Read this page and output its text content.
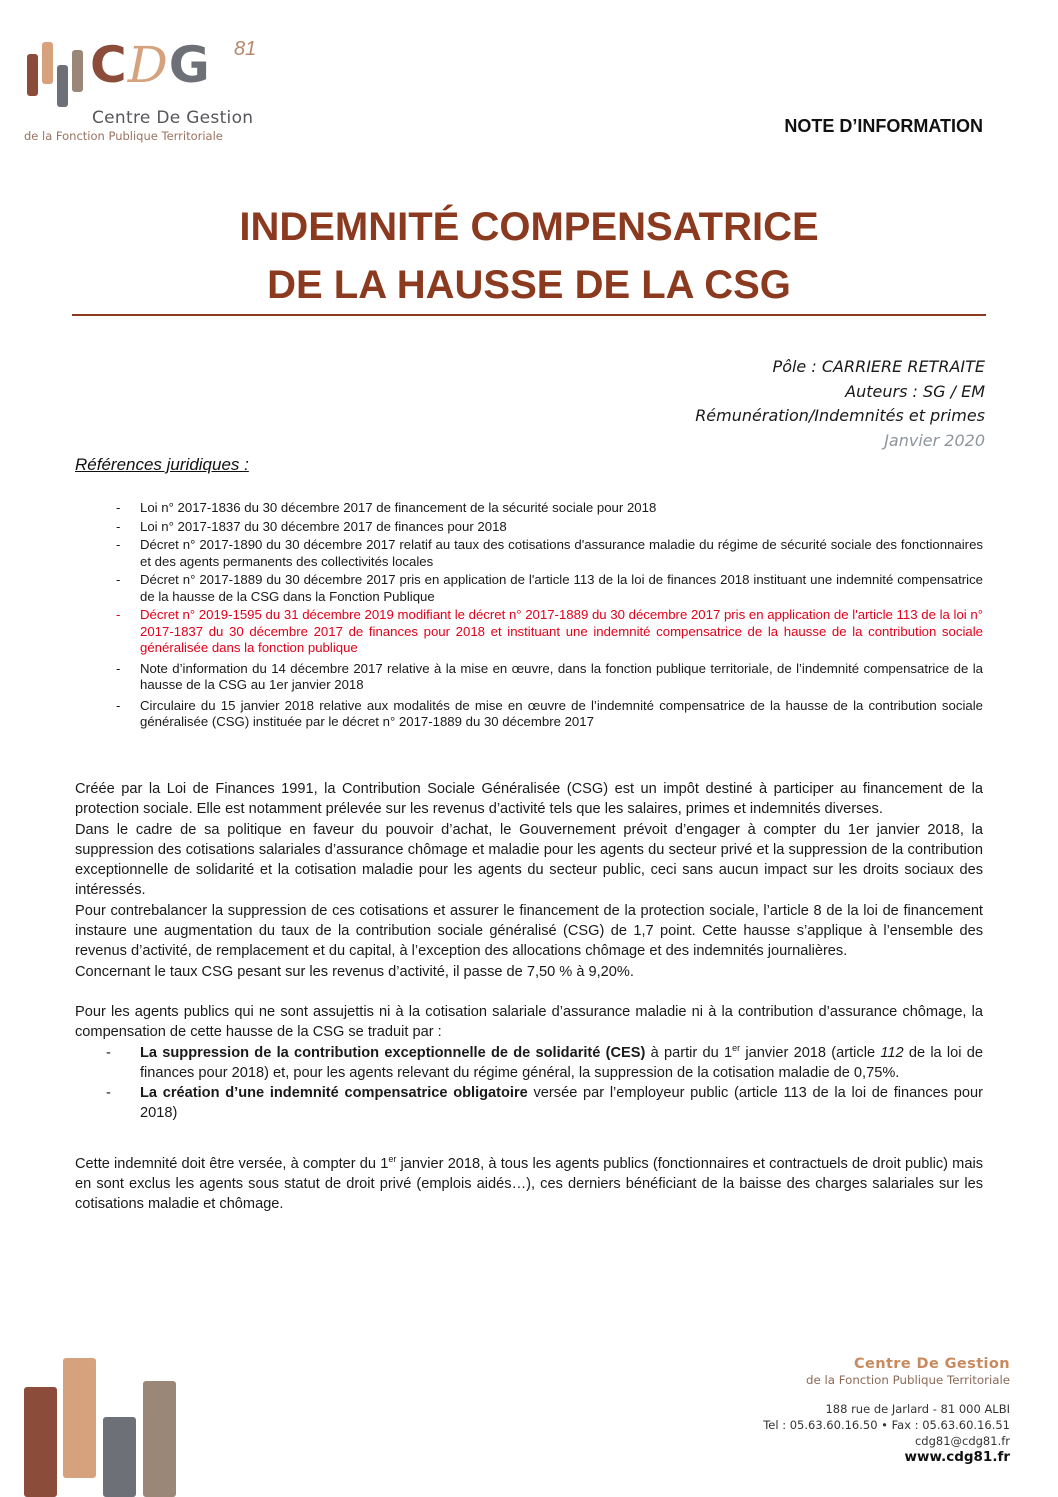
CDG 81
Centre De Gestion
de la Fonction Publique Territoriale	NOTE D’INFORMATION
INDEMNITÉ COMPENSATRICE
DE LA HAUSSE DE LA CSG
Pôle : CARRIERE RETRAITE
Auteurs : SG / EM
Rémunération/Indemnités et primes
Janvier 2020
Références juridiques :
- Loi n° 2017-1836 du 30 décembre 2017 de financement de la sécurité sociale pour 2018
- Loi n° 2017-1837 du 30 décembre 2017 de finances pour 2018
- Décret n° 2017-1890 du 30 décembre 2017 relatif au taux des cotisations d'assurance maladie du régime de sécurité sociale des fonctionnaires et des agents permanents des collectivités locales
- Décret n° 2017-1889 du 30 décembre 2017 pris en application de l'article 113 de la loi de finances 2018 instituant une indemnité compensatrice de la hausse de la CSG dans la Fonction Publique
- Décret n° 2019-1595 du 31 décembre 2019 modifiant le décret n° 2017-1889 du 30 décembre 2017 pris en application de l'article 113 de la loi n° 2017-1837 du 30 décembre 2017 de finances pour 2018 et instituant une indemnité compensatrice de la hausse de la contribution sociale généralisée dans la fonction publique
- Note d’information du 14 décembre 2017 relative à la mise en œuvre, dans la fonction publique territoriale, de l’indemnité compensatrice de la hausse de la CSG au 1er janvier 2018
- Circulaire du 15 janvier 2018 relative aux modalités de mise en œuvre de l’indemnité compensatrice de la hausse de la contribution sociale généralisée (CSG) instituée par le décret n° 2017-1889 du 30 décembre 2017

Créée par la Loi de Finances 1991, la Contribution Sociale Généralisée (CSG) est un impôt destiné à participer au financement de la protection sociale. Elle est notamment prélevée sur les revenus d’activité tels que les salaires, primes et indemnités diverses.

Dans le cadre de sa politique en faveur du pouvoir d’achat, le Gouvernement prévoit d’engager à compter du 1er janvier 2018, la suppression des cotisations salariales d’assurance chômage et maladie pour les agents du secteur privé et la suppression de la contribution exceptionnelle de solidarité et la cotisation maladie pour les agents du secteur public, ceci sans aucun impact sur les droits sociaux des intéressés.

Pour contrebalancer la suppression de ces cotisations et assurer le financement de la protection sociale, l’article 8 de la loi de financement instaure une augmentation du taux de la contribution sociale généralisé (CSG) de 1,7 point. Cette hausse s’applique à l’ensemble des revenus d’activité, de remplacement et du capital, à l’exception des allocations chômage et des indemnités journalières.

Concernant le taux CSG pesant sur les revenus d’activité, il passe de 7,50 % à 9,20%.

Pour les agents publics qui ne sont assujettis ni à la cotisation salariale d’assurance maladie ni à la contribution d’assurance chômage, la compensation de cette hausse de la CSG se traduit par :

- La suppression de la contribution exceptionnelle de de solidarité (CES) à partir du 1er janvier 2018 (article 112 de la loi de finances pour 2018) et, pour les agents relevant du régime général, la suppression de la cotisation maladie de 0,75%.
- La création d’une indemnité compensatrice obligatoire versée par l’employeur public (article 113 de la loi de finances pour 2018)

Cette indemnité doit être versée, à compter du 1er janvier 2018, à tous les agents publics (fonctionnaires et contractuels de droit public) mais en sont exclus les agents sous statut de droit privé (emplois aidés…), ces derniers bénéficiant de la baisse des charges salariales sur les cotisations maladie et chômage.

Centre De Gestion
de la Fonction Publique Territoriale
188 rue de Jarlard - 81 000 ALBI
Tel : 05.63.60.16.50 • Fax : 05.63.60.16.51
cdg81@cdg81.fr
www.cdg81.fr
